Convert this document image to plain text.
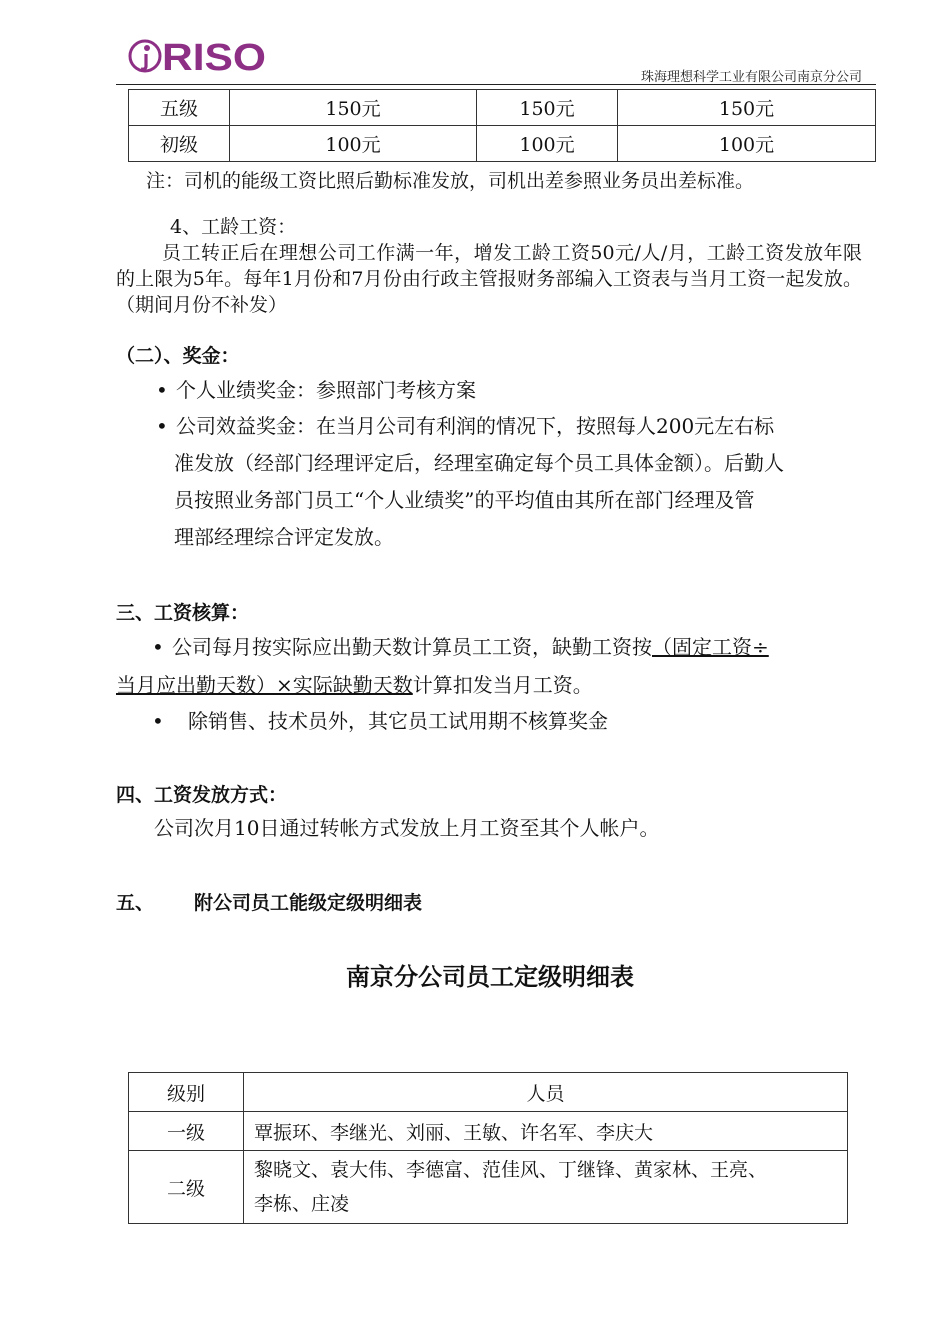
RISO	珠海理想科学工业有限公司南京分公司
五级	150元	150元	150元
初级	100元	100元	100元

注：司机的能级工资比照后勤标准发放，司机出差参照业务员出差标准。

4、工龄工资：

员工转正后在理想公司工作满一年，增发工龄工资50元/人/月，工龄工资发放年限的上限为5年。每年1月份和7月份由行政主管报财务部编入工资表与当月工资一起发放。（期间月份不补发）

（二）、奖金：
• 个人业绩奖金：参照部门考核方案
• 公司效益奖金：在当月公司有利润的情况下，按照每人200元左右标
准发放（经部门经理评定后，经理室确定每个员工具体金额）。后勤人
员按照业务部门员工“个人业绩奖”的平均值由其所在部门经理及管
理部经理综合评定发放。
三、工资核算：
• 公司每月按实际应出勤天数计算员工工资，缺勤工资按（固定工资÷
当月应出勤天数）×实际缺勤天数计算扣发当月工资。
• 除销售、技术员外，其它员工试用期不核算奖金
四、工资发放方式：
公司次月10日通过转帐方式发放上月工资至其个人帐户。
五、 附公司员工能级定级明细表
南京分公司员工定级明细表
级别	人员
一级	覃振环、李继光、刘丽、王敏、许名军、李庆大
二级	黎晓文、袁大伟、李德富、范佳风、丁继锋、黄家林、王亮、
李栋、庄凌
